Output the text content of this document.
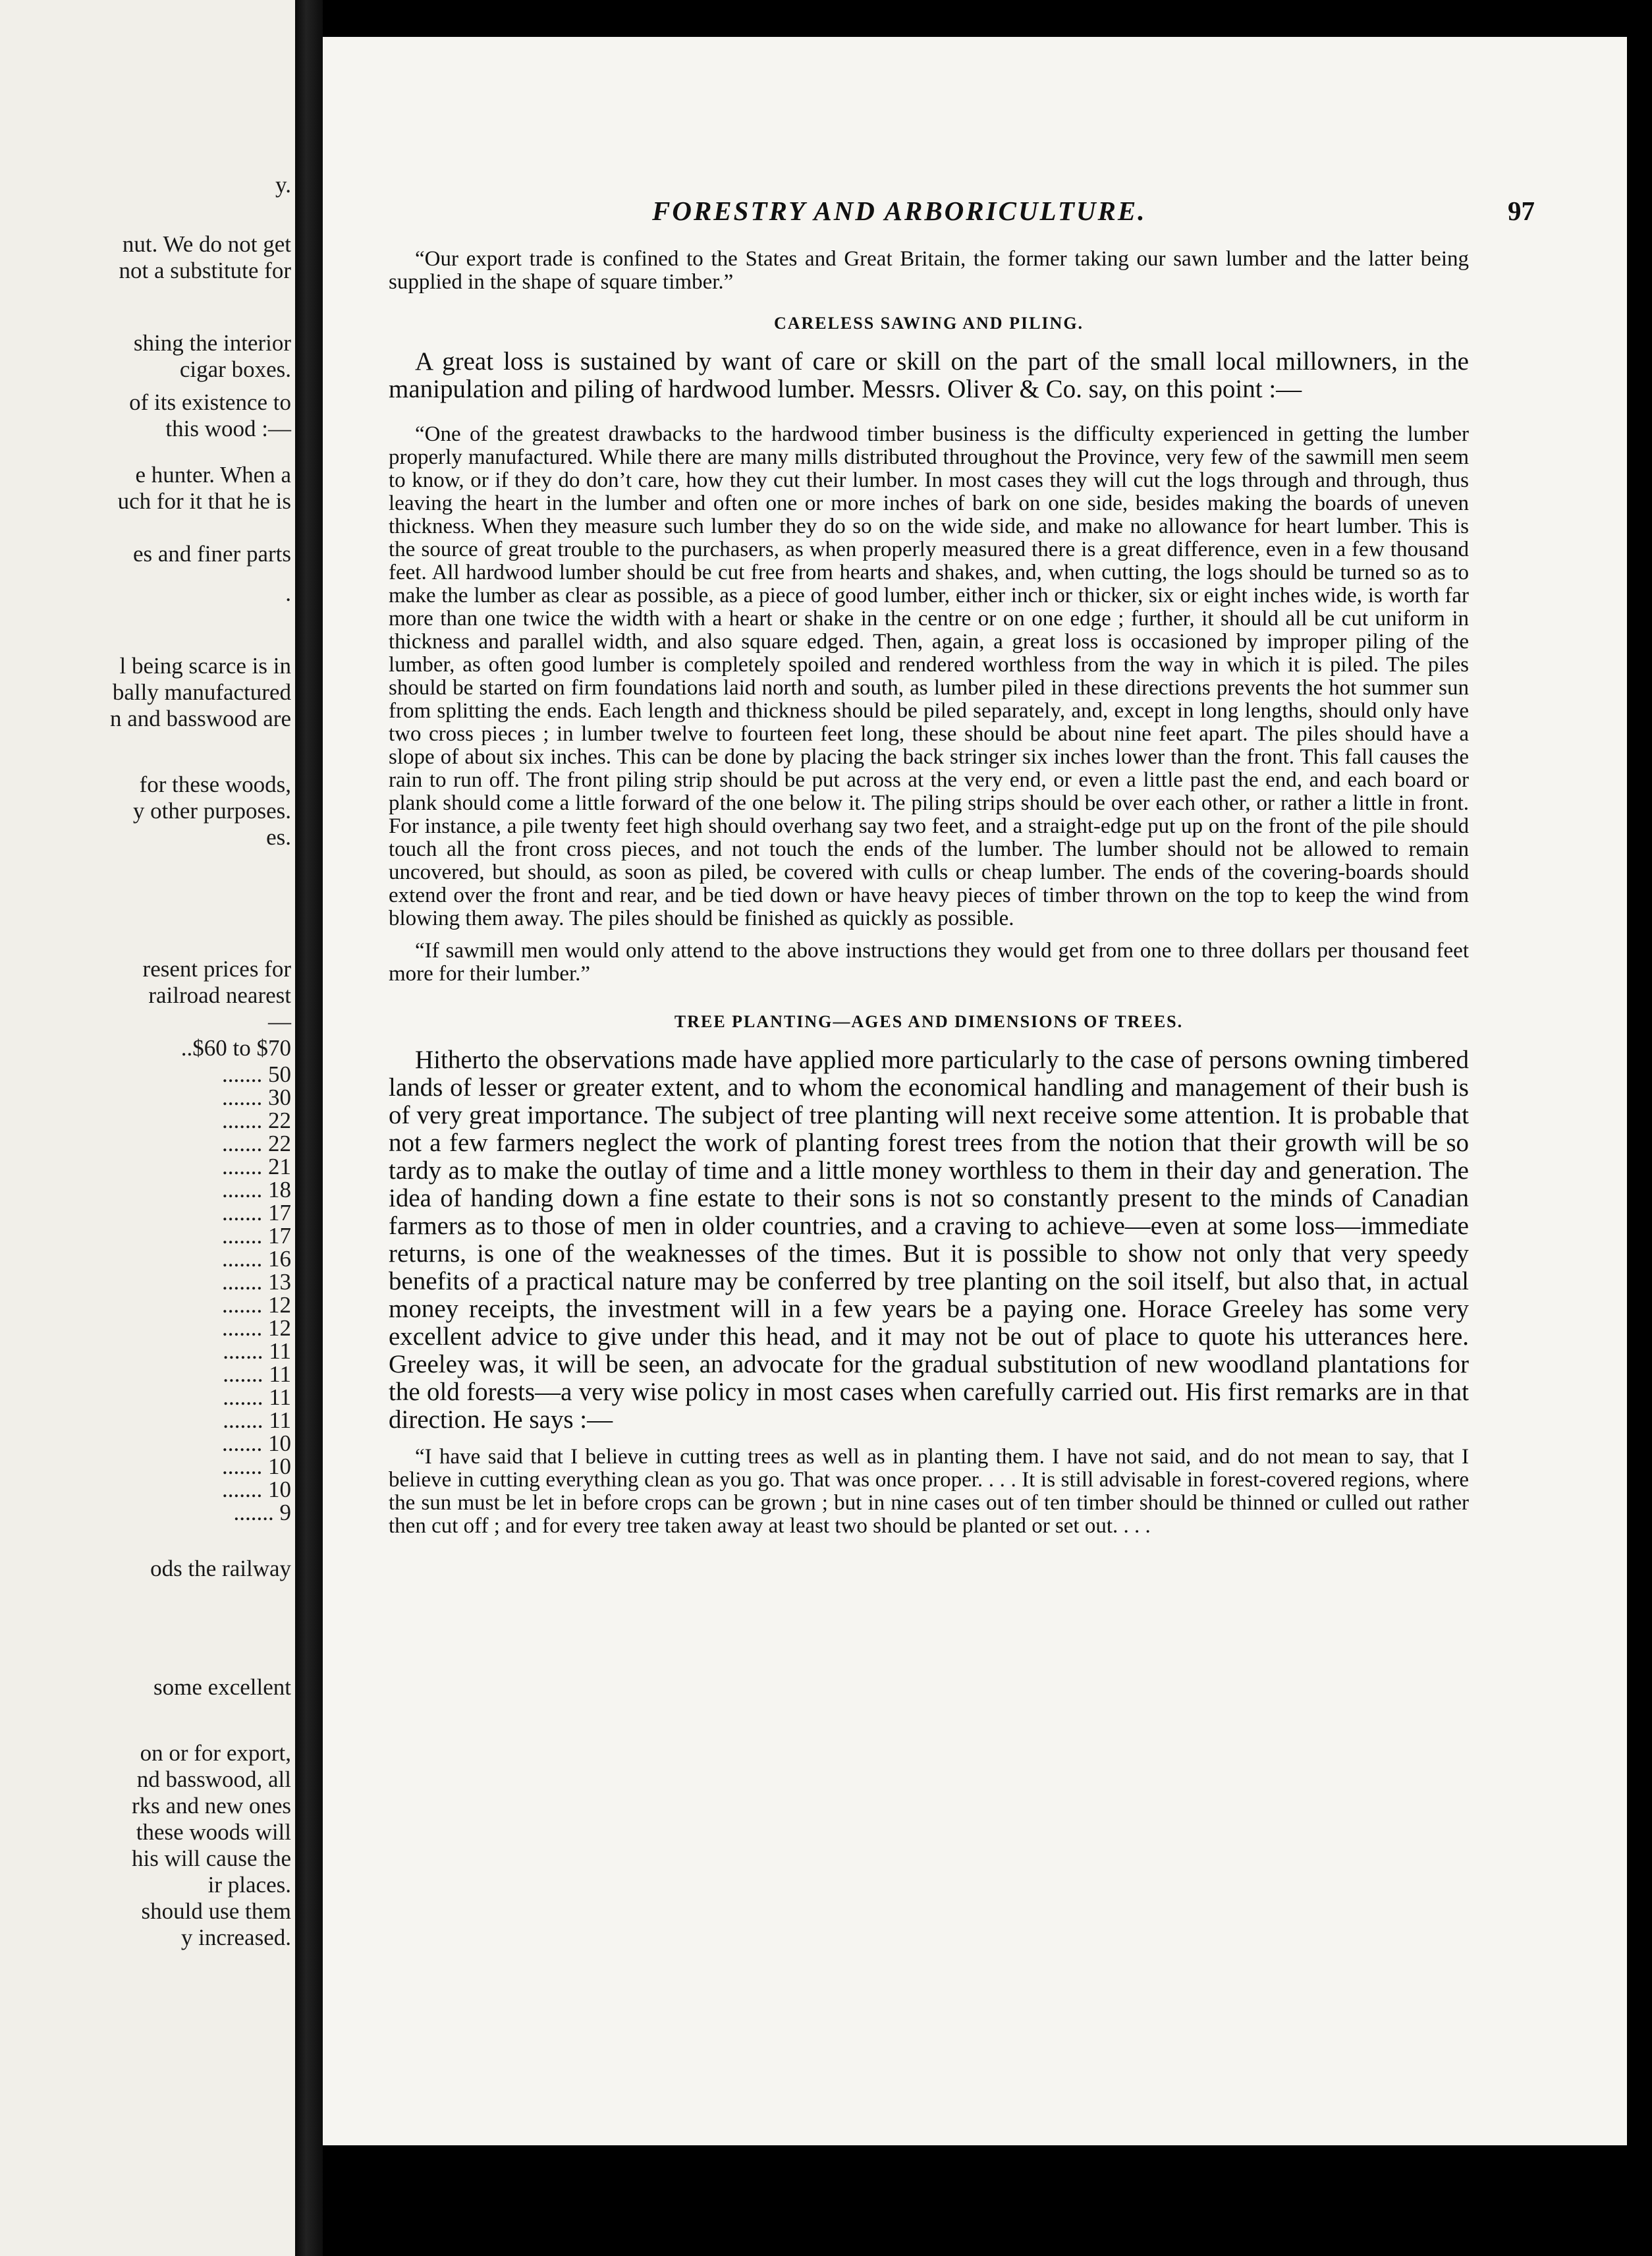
y.
nut. We do not get
not a substitute for
shing the interior
cigar boxes.
of its existence to
this wood :—
e hunter. When a
uch for it that he is
es and finer parts
.
l being scarce is in
bally manufactured
n and basswood are
for these woods,
y other purposes.
es.
resent prices for
railroad nearest
—
..$60 to $70
....... 50
....... 30
....... 22
....... 22
....... 21
....... 18
....... 17
....... 17
....... 16
....... 13
....... 12
....... 12
....... 11
....... 11
....... 11
....... 11
....... 10
....... 10
....... 10
....... 9
ods the railway
some excellent
on or for export,
nd basswood, all
rks and new ones
these woods will
his will cause the
ir places.
should use them
y increased.
FORESTRY AND ARBORICULTURE.	97

“Our export trade is confined to the States and Great Britain, the former taking our sawn lumber and the latter being supplied in the shape of square timber.”

CARELESS SAWING AND PILING.

A great loss is sustained by want of care or skill on the part of the small local millowners, in the manipulation and piling of hardwood lumber. Messrs. Oliver & Co. say, on this point :—

“One of the greatest drawbacks to the hardwood timber business is the difficulty experienced in getting the lumber properly manufactured. While there are many mills distributed throughout the Province, very few of the sawmill men seem to know, or if they do don’t care, how they cut their lumber. In most cases they will cut the logs through and through, thus leaving the heart in the lumber and often one or more inches of bark on one side, besides making the boards of uneven thickness. When they measure such lumber they do so on the wide side, and make no allowance for heart lumber. This is the source of great trouble to the purchasers, as when properly measured there is a great difference, even in a few thousand feet. All hardwood lumber should be cut free from hearts and shakes, and, when cutting, the logs should be turned so as to make the lumber as clear as possible, as a piece of good lumber, either inch or thicker, six or eight inches wide, is worth far more than one twice the width with a heart or shake in the centre or on one edge ; further, it should all be cut uniform in thickness and parallel width, and also square edged. Then, again, a great loss is occasioned by improper piling of the lumber, as often good lumber is completely spoiled and rendered worthless from the way in which it is piled. The piles should be started on firm foundations laid north and south, as lumber piled in these directions prevents the hot summer sun from splitting the ends. Each length and thickness should be piled separately, and, except in long lengths, should only have two cross pieces ; in lumber twelve to fourteen feet long, these should be about nine feet apart. The piles should have a slope of about six inches. This can be done by placing the back stringer six inches lower than the front. This fall causes the rain to run off. The front piling strip should be put across at the very end, or even a little past the end, and each board or plank should come a little forward of the one below it. The piling strips should be over each other, or rather a little in front. For instance, a pile twenty feet high should overhang say two feet, and a straight-edge put up on the front of the pile should touch all the front cross pieces, and not touch the ends of the lumber. The lumber should not be allowed to remain uncovered, but should, as soon as piled, be covered with culls or cheap lumber. The ends of the covering-boards should extend over the front and rear, and be tied down or have heavy pieces of timber thrown on the top to keep the wind from blowing them away. The piles should be finished as quickly as possible.

“If sawmill men would only attend to the above instructions they would get from one to three dollars per thousand feet more for their lumber.”

TREE PLANTING—AGES AND DIMENSIONS OF TREES.

Hitherto the observations made have applied more particularly to the case of persons owning timbered lands of lesser or greater extent, and to whom the economical handling and management of their bush is of very great importance. The subject of tree planting will next receive some attention. It is probable that not a few farmers neglect the work of planting forest trees from the notion that their growth will be so tardy as to make the outlay of time and a little money worthless to them in their day and generation. The idea of handing down a fine estate to their sons is not so constantly present to the minds of Canadian farmers as to those of men in older countries, and a craving to achieve—even at some loss—immediate returns, is one of the weaknesses of the times. But it is possible to show not only that very speedy benefits of a practical nature may be conferred by tree planting on the soil itself, but also that, in actual money receipts, the investment will in a few years be a paying one. Horace Greeley has some very excellent advice to give under this head, and it may not be out of place to quote his utterances here. Greeley was, it will be seen, an advocate for the gradual substitution of new woodland plantations for the old forests—a very wise policy in most cases when carefully carried out. His first remarks are in that direction. He says :—

“I have said that I believe in cutting trees as well as in planting them. I have not said, and do not mean to say, that I believe in cutting everything clean as you go. That was once proper. . . . It is still advisable in forest-covered regions, where the sun must be let in before crops can be grown ; but in nine cases out of ten timber should be thinned or culled out rather then cut off ; and for every tree taken away at least two should be planted or set out. . . .
